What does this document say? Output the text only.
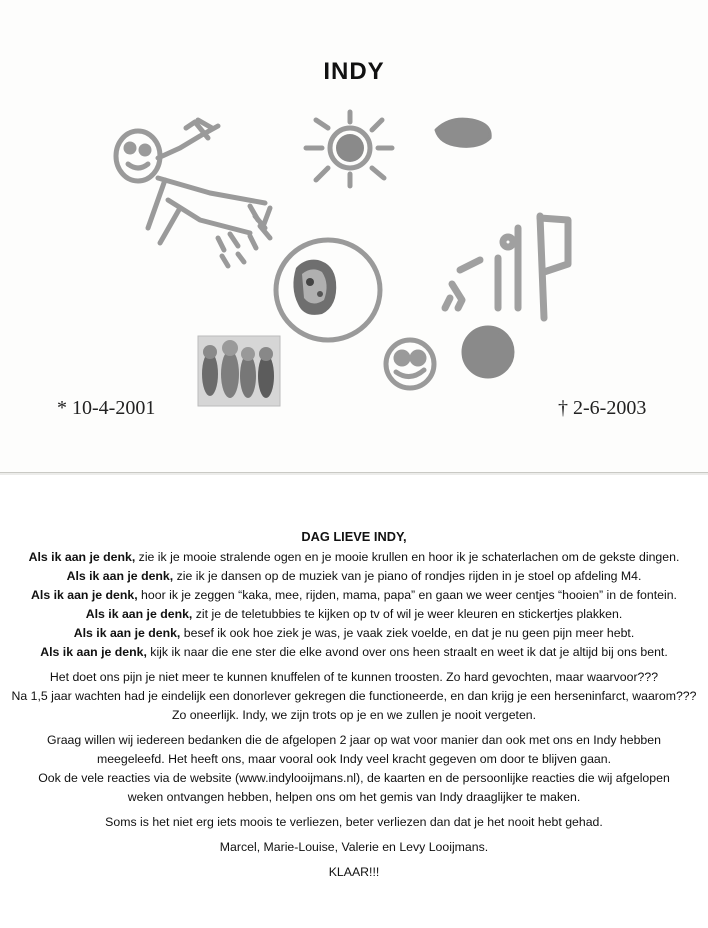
INDY
* 10-4-2001	† 2-6-2003
DAG LIEVE INDY,
Als ik aan je denk, zie ik je mooie stralende ogen en je mooie krullen en hoor ik je schaterlachen om de gekste dingen.
Als ik aan je denk, zie ik je dansen op de muziek van je piano of rondjes rijden in je stoel op afdeling M4.
Als ik aan je denk, hoor ik je zeggen “kaka, mee, rijden, mama, papa” en gaan we weer centjes “hooien” in de fontein.
Als ik aan je denk, zit je de teletubbies te kijken op tv of wil je weer kleuren en stickertjes plakken.
Als ik aan je denk, besef ik ook hoe ziek je was, je vaak ziek voelde, en dat je nu geen pijn meer hebt.
Als ik aan je denk, kijk ik naar die ene ster die elke avond over ons heen straalt en weet ik dat je altijd bij ons bent.
Het doet ons pijn je niet meer te kunnen knuffelen of te kunnen troosten. Zo hard gevochten, maar waarvoor???
Na 1,5 jaar wachten had je eindelijk een donorlever gekregen die functioneerde, en dan krijg je een herseninfarct, waarom???
Zo oneerlijk. Indy, we zijn trots op je en we zullen je nooit vergeten.
Graag willen wij iedereen bedanken die de afgelopen 2 jaar op wat voor manier dan ook met ons en Indy hebben
meegeleefd. Het heeft ons, maar vooral ook Indy veel kracht gegeven om door te blijven gaan.
Ook de vele reacties via de website (www.indylooijmans.nl), de kaarten en de persoonlijke reacties die wij afgelopen
weken ontvangen hebben, helpen ons om het gemis van Indy draaglijker te maken.
Soms is het niet erg iets moois te verliezen, beter verliezen dan dat je het nooit hebt gehad.
Marcel, Marie-Louise, Valerie en Levy Looijmans.
KLAAR!!!
